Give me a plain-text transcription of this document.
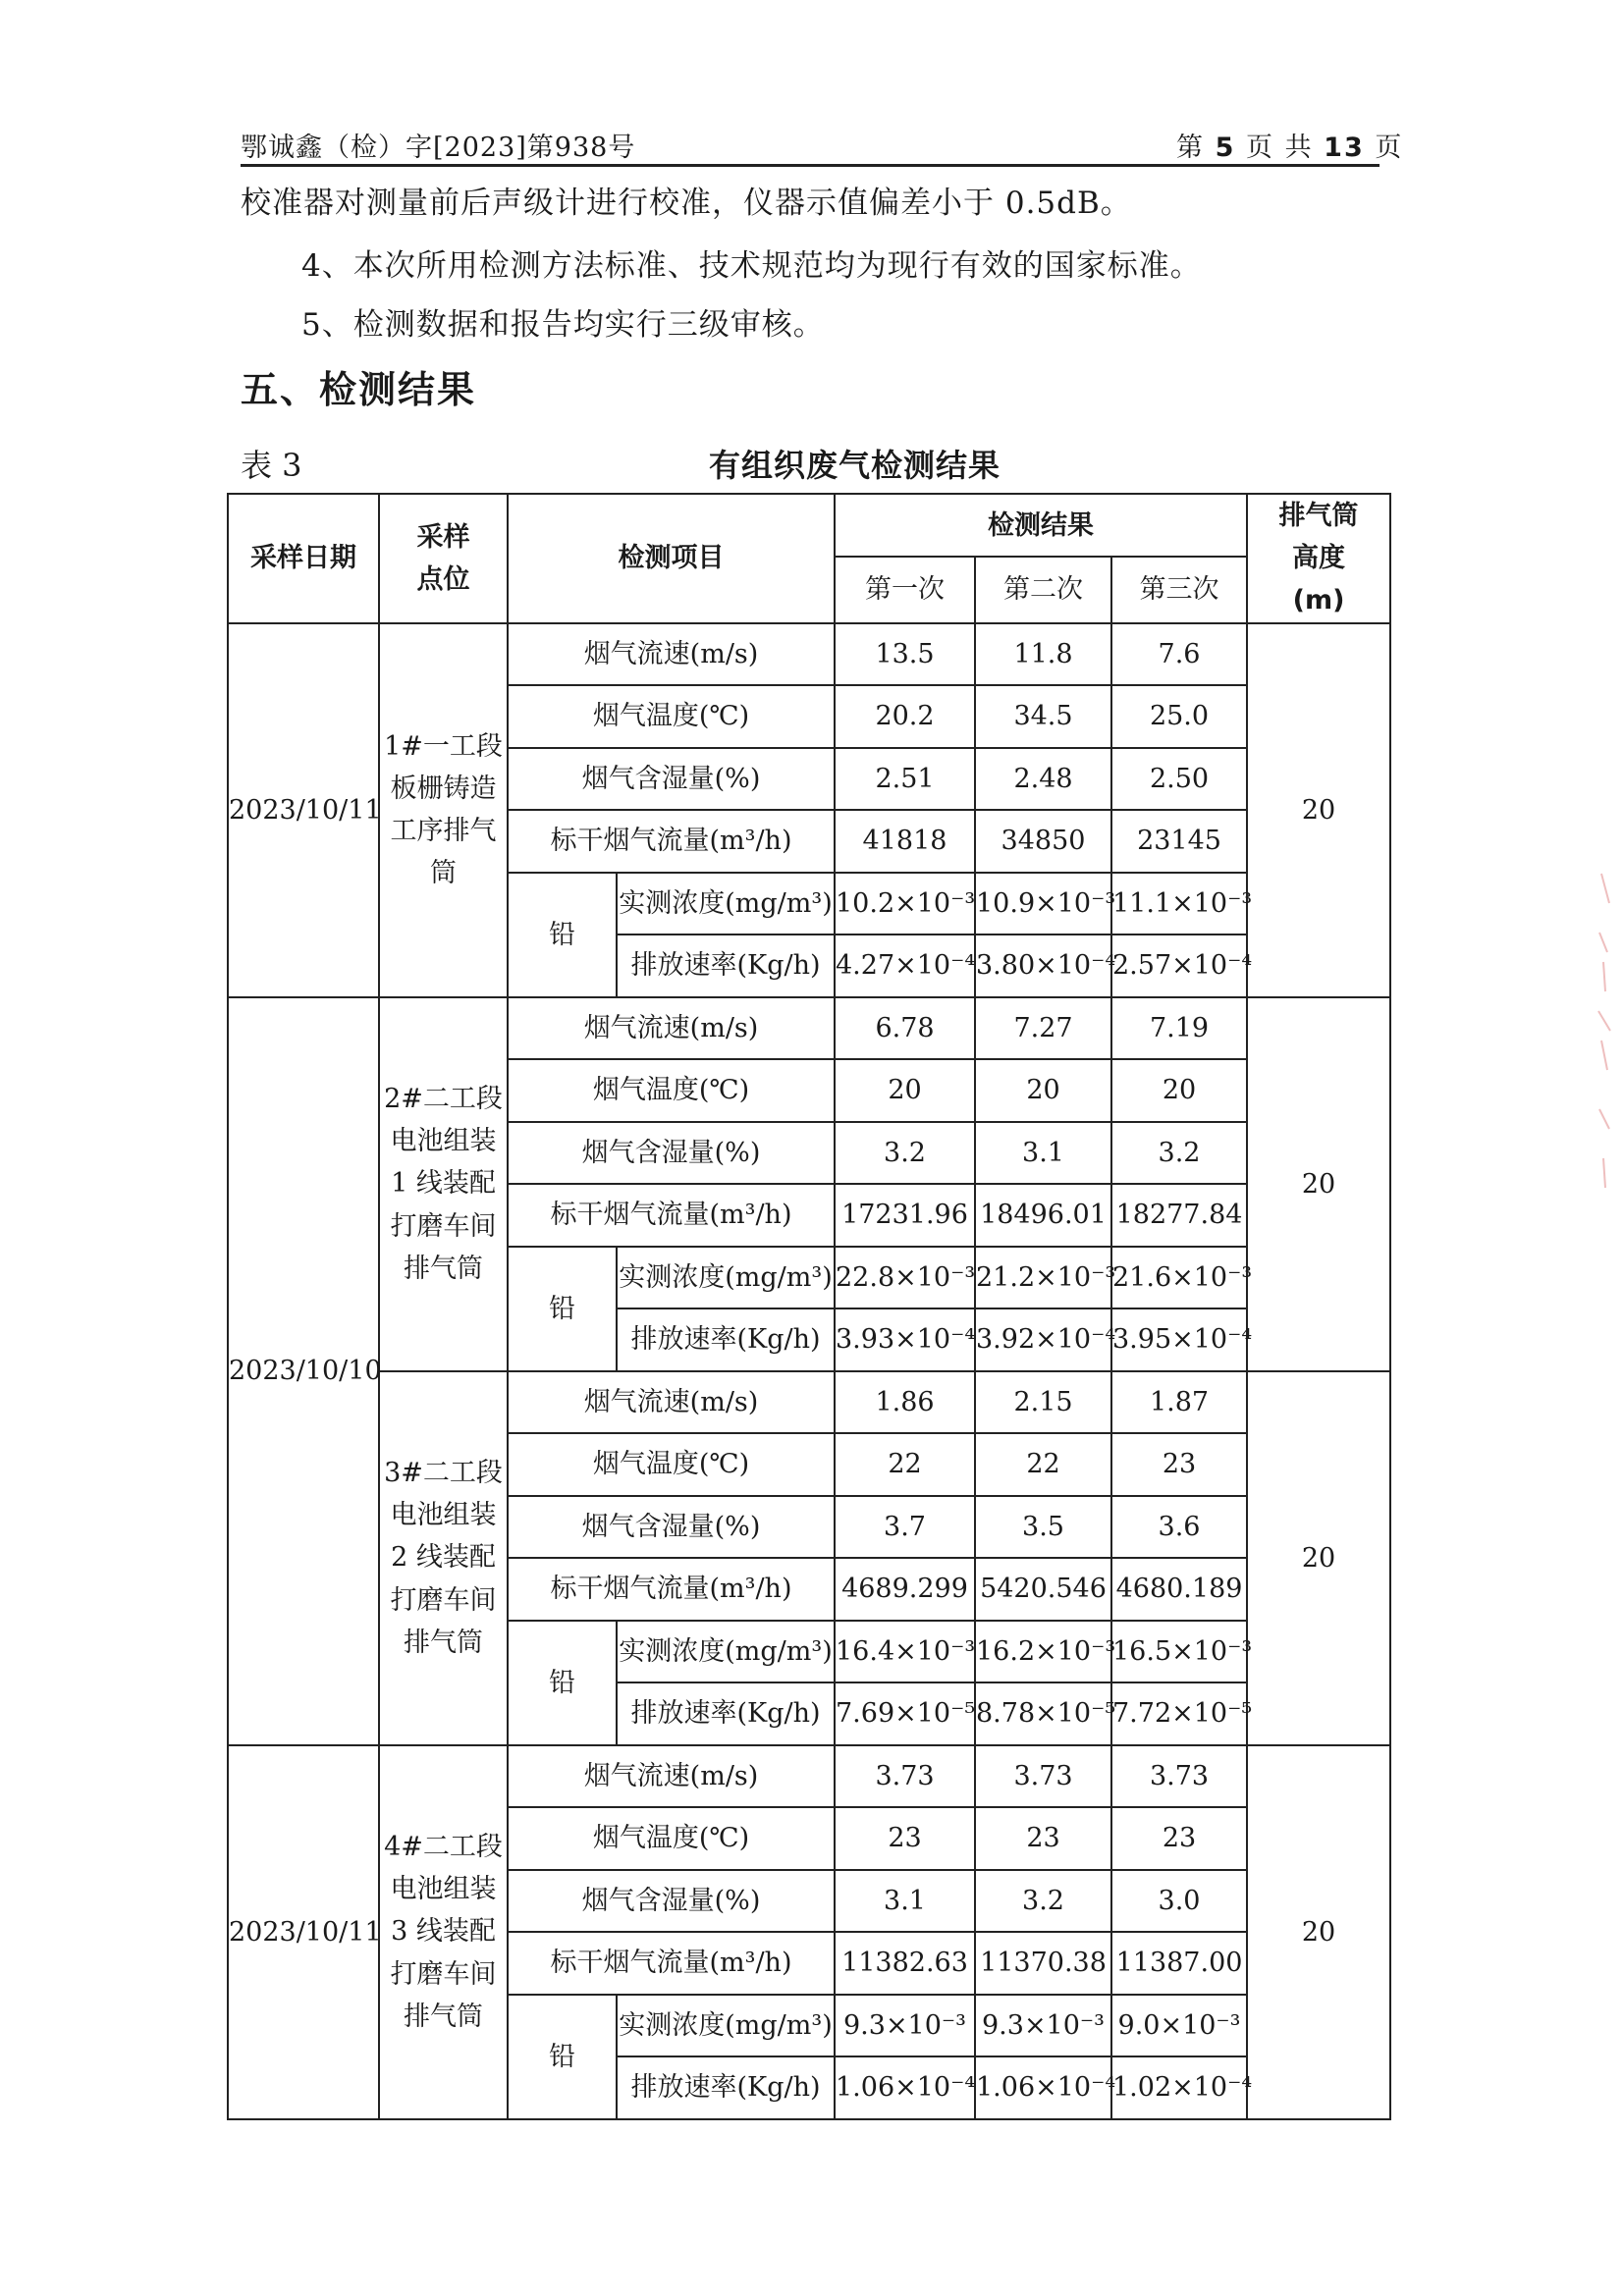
鄂诚鑫（检）字[2023]第938号	第 5 页 共 13 页
校准器对测量前后声级计进行校准，仪器示值偏差小于 0.5dB。
4、本次所用检测方法标准、技术规范均为现行有效的国家标准。
5、检测数据和报告均实行三级审核。
五、检测结果
表 3	有组织废气检测结果
采样日期	采样
点位	检测项目		检测结果			排气筒
高度
(m)

				第一次	第二次	第三次	
2023/10/11	1#一工段
板栅铸造
工序排气
筒	烟气流速(m/s)		13.5	11.8	7.6	20
		烟气温度(℃)		20.2	34.5	25.0	
		烟气含湿量(%)		2.51	2.48	2.50	
		标干烟气流量(m³/h)		41818	34850	23145	
		铅	实测浓度(mg/m³)	10.2×10⁻³	10.9×10⁻³	11.1×10⁻³	
			排放速率(Kg/h)	4.27×10⁻⁴	3.80×10⁻⁴	2.57×10⁻⁴	
2023/10/10	2#二工段
电池组装
1 线装配
打磨车间
排气筒	烟气流速(m/s)		6.78	7.27	7.19	20
		烟气温度(℃)		20	20	20	
		烟气含湿量(%)		3.2	3.1	3.2	
		标干烟气流量(m³/h)		17231.96	18496.01	18277.84	
		铅	实测浓度(mg/m³)	22.8×10⁻³	21.2×10⁻³	21.6×10⁻³	
			排放速率(Kg/h)	3.93×10⁻⁴	3.92×10⁻⁴	3.95×10⁻⁴	

	3#二工段
电池组装
2 线装配
打磨车间
排气筒	烟气流速(m/s)		1.86	2.15	1.87	20
		烟气温度(℃)		22	22	23	
		烟气含湿量(%)		3.7	3.5	3.6	
		标干烟气流量(m³/h)		4689.299	5420.546	4680.189	
		铅	实测浓度(mg/m³)	16.4×10⁻³	16.2×10⁻³	16.5×10⁻³	
			排放速率(Kg/h)	7.69×10⁻⁵	8.78×10⁻⁵	7.72×10⁻⁵	
2023/10/11	4#二工段
电池组装
3 线装配
打磨车间
排气筒	烟气流速(m/s)		3.73	3.73	3.73	20
		烟气温度(℃)		23	23	23	
		烟气含湿量(%)		3.1	3.2	3.0	
		标干烟气流量(m³/h)		11382.63	11370.38	11387.00	
		铅	实测浓度(mg/m³)	9.3×10⁻³	9.3×10⁻³	9.0×10⁻³	
			排放速率(Kg/h)	1.06×10⁻⁴	1.06×10⁻⁴	1.02×10⁻⁴	
